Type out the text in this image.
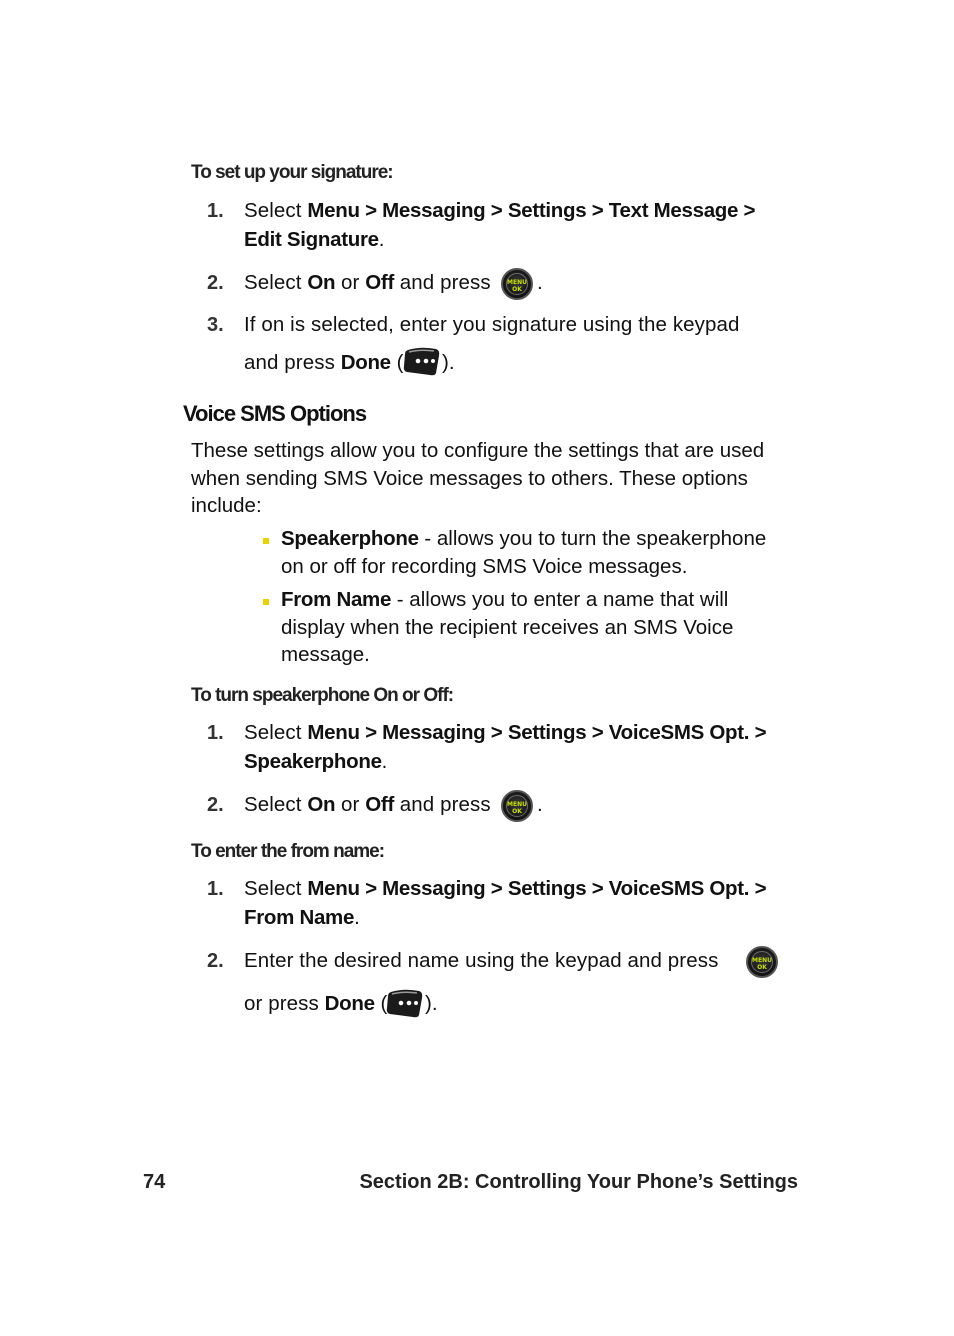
To set up your signature:
1. Select Menu > Messaging > Settings > Text Message >
Edit Signature.
2. Select On or Off and press	MENU
OK .
3. If on is selected, enter you signature using the keypad
and press Done ( ).
Voice SMS Options
These settings allow you to configure the settings that are used when sending SMS Voice messages to others. These options include:
Speakerphone - allows you to turn the speakerphone on or off for recording SMS Voice messages.
From Name - allows you to enter a name that will display when the recipient receives an SMS Voice message.
To turn speakerphone On or Off:
1. Select Menu > Messaging > Settings > VoiceSMS Opt. >
Speakerphone.
2. Select On or Off and press	MENU
OK .
To enter the from name:
1. Select Menu > Messaging > Settings > VoiceSMS Opt. >
From Name.
2. Enter the desired name using the keypad and press	MENU
OK
or press Done ( ).
74	Section 2B: Controlling Your Phone’s Settings
